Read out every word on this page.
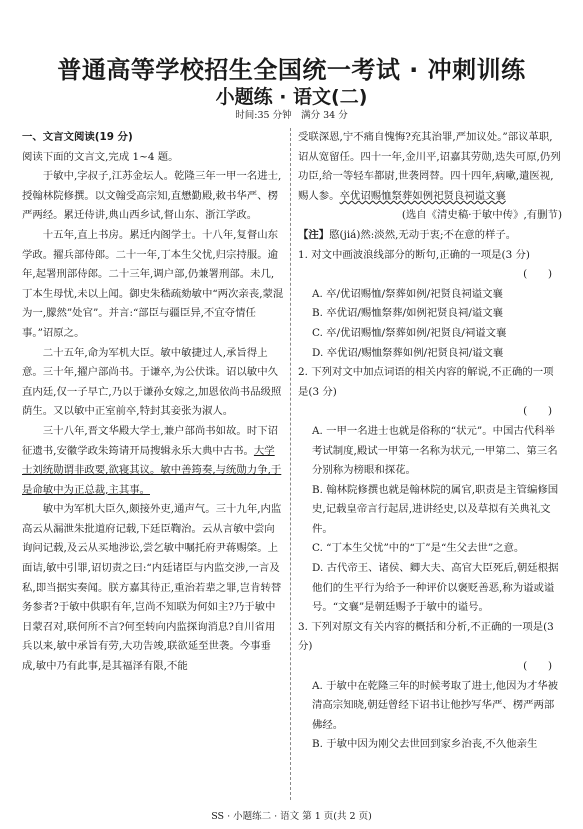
普通高等学校招生全国统一考试 · 冲刺训练
小题练 · 语文(二)
时间:35 分钟　满分 34 分

一、文言文阅读(19 分)

阅读下面的文言文,完成 1~4 题。

于敏中,字叔子,江苏金坛人。乾隆三年一甲一名进士,授翰林院修撰。以文翰受高宗知,直懋勤殿,敕书华严、楞严两经。累迁侍讲,典山西乡试,督山东、浙江学政。

十五年,直上书房。累迁内阁学士。十八年,复督山东学政。擢兵部侍郎。二十一年,丁本生父忧,归宗持服。逾年,起署刑部侍郎。二十三年,调户部,仍兼署刑部。未几,丁本生母忧,未以上闻。御史朱嵇疏劾敏中“两次亲丧,蒙混为一,朦然”处官”。并言:“部臣与疆臣异,不宜夺情任事。”诏原之。

二十五年,命为军机大臣。敏中敏捷过人,承旨得上意。三十年,擢户部尚书。于谦卒,为公伏诛。诏以敏中久直内廷,仅一子早亡,乃以于谦孙女嫁之,加恩依尚书品级照荫生。又以敏中正室前卒,特封其妾张为淑人。

三十八年,晋文华殿大学士,兼户部尚书如故。时下诏征遗书,安徽学政朱筠请开局搜辑永乐大典中古书。大学士刘统勋谓非政要,欲寝其议。敏中善筠奏,与统勋力争,于是命敏中为正总裁,主其事。

敏中为军机大臣久,颇接外吏,通声气。三十九年,内监高云从漏泄朱批道府记载,下廷臣鞫治。云从言敏中尝向询问记载,及云从买地涉讼,尝乞敏中嘱托府尹蒋赐棨。上面诘,敏中引罪,诏切责之曰:“内廷诸臣与内监交涉,一言及私,即当据实奏闻。朕方嘉其待正,重治若辈之罪,岂肯转替务参者?于敏中供职有年,岂尚不知联为何如主?乃于敏中日蒙召对,联何所不言?何至转向内监探询消息?自川省用兵以来,敏中承旨有劳,大功告竣,联欲延至世袭。今事垂成,敏中乃有此事,是其福泽有限,不能

受联深恩,宁不痛自愧悔?充其治罪,严加议处。”部议革职,诏从宽留任。四十一年,金川平,诏嘉其劳勋,迭失可原,仍列功臣,给一等轻车都尉,世袭罔替。四十四年,病嗽,遣医视,赐人参。卒优诏赐恤祭葬如例祀贤良祠谥文襄

(选自《清史稿·于敏中传》,有删节)

【注】愍(jiá)然:淡然,无动于衷;不在意的样子。

1. 对文中画波浪线部分的断句,正确的一项是(3 分)

(　　)

A. 卒/优诏赐恤/祭葬如例/祀贤良祠谥文襄

B. 卒优诏/赐恤祭葬/如例祀贤良祠/谥文襄

C. 卒/优诏赐恤/祭葬如例/祀贤良/祠谥文襄

D. 卒优诏/赐恤祭葬如例/祀贤良祠/谥文襄

2. 下列对文中加点词语的相关内容的解说,不正确的一项是(3 分)

(　　)

A. 一甲一名进士也就是俗称的“状元”。中国古代科举考试制度,殿试一甲第一名称为状元,一甲第二、第三名分别称为榜眼和探花。

B. 翰林院修撰也就是翰林院的属官,职责是主管编修国史,记载皇帝言行起居,进讲经史,以及草拟有关典礼文件。

C. “丁本生父忧”中的“丁”是“生父去世”之意。

D. 古代帝王、诸侯、卿大夫、高官大臣死后,朝廷根据他们的生平行为给予一种评价以褒贬善恶,称为谥或谥号。“文襄”是朝廷赐予于敏中的谥号。

3. 下列对原文有关内容的概括和分析,不正确的一项是(3 分)

(　　)

A. 于敏中在乾隆三年的时候考取了进士,他因为才华被清高宗知晓,朝廷曾经下诏书让他抄写华严、楞严两部佛经。

B. 于敏中因为刚父去世回到家乡治丧,不久他亲生

SS · 小题练二 · 语文 第 1 页(共 2 页)
